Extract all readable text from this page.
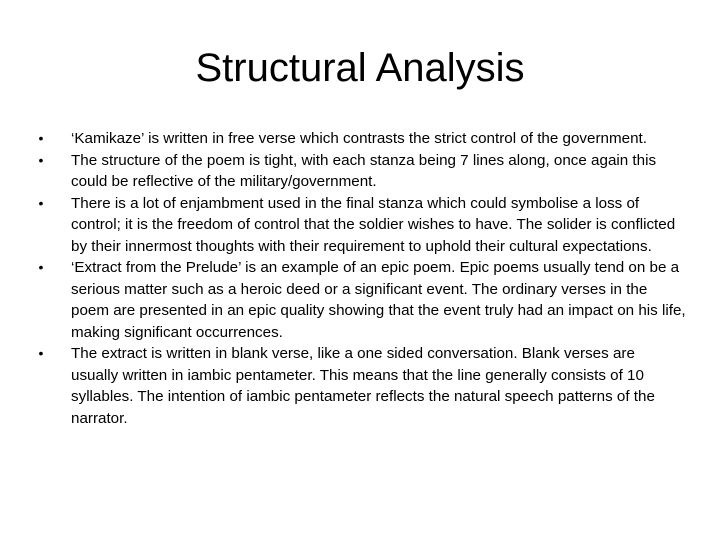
Structural Analysis
• ‘Kamikaze’ is written in free verse which contrasts the strict control of the government.
• The structure of the poem is tight, with each stanza being 7 lines along, once again this could be reflective of the military/government.
• There is a lot of enjambment used in the final stanza which could symbolise a loss of control; it is the freedom of control that the soldier wishes to have. The solider is conflicted by their innermost thoughts with their requirement to uphold their cultural expectations.
• ‘Extract from the Prelude’ is an example of an epic poem. Epic poems usually tend on be a serious matter such as a heroic deed or a significant event. The ordinary verses in the poem are presented in an epic quality showing that the event truly had an impact on his life, making significant occurrences.
• The extract is written in blank verse, like a one sided conversation. Blank verses are usually written in iambic pentameter. This means that the line generally consists of 10 syllables. The intention of iambic pentameter reflects the natural speech patterns of the narrator.
